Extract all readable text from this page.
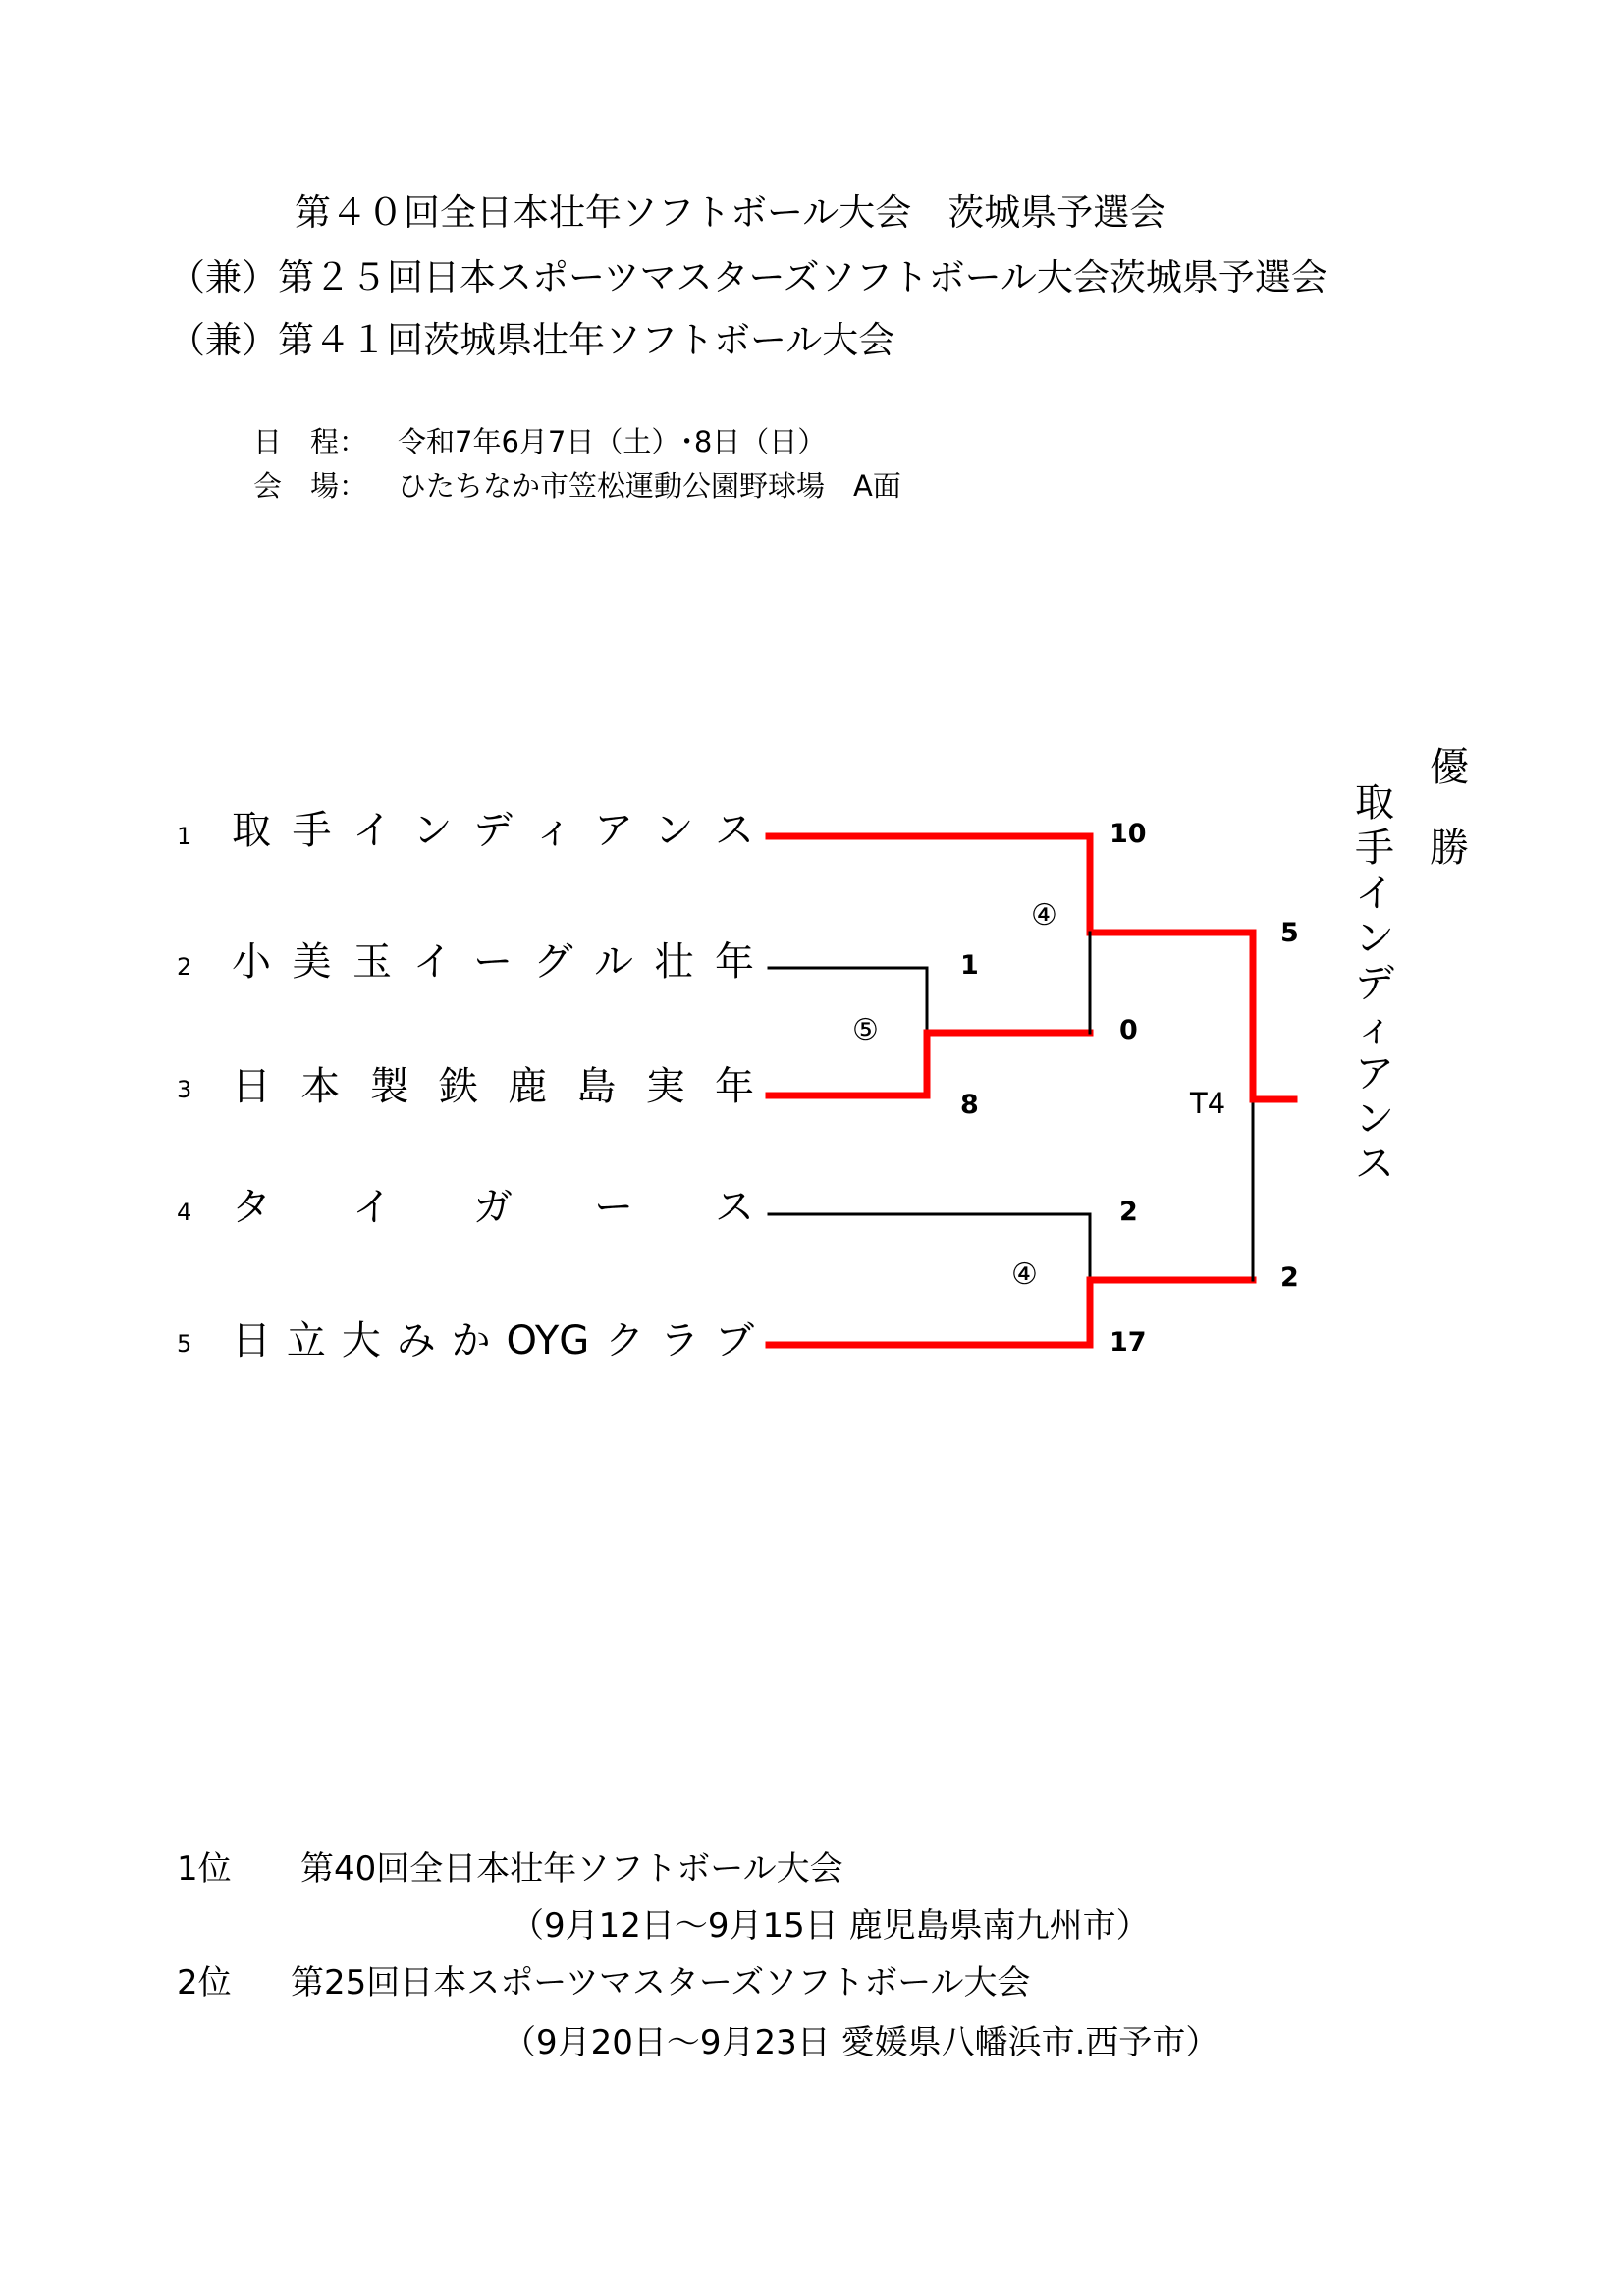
第４０回全日本壮年ソフトボール大会　茨城県予選会
（兼）第２５回日本スポーツマスターズソフトボール大会茨城県予選会
（兼）第４１回茨城県壮年ソフトボール大会
日　程： 令和7年6月7日（土）･8日（日）
会　場： ひたちなか市笠松運動公園野球場　A面
1
2
3
4
5
取 手 イ ン デ ィ ア ン ス
小 美 玉 イ ー グ ル 壮 年
日 本 製 鉄 鹿 島 実 年
タ イ ガ ー ス
日 立 大 み か OYG ク ラ ブ
1
8
⑤
10
0
④
2
17
④
5
2
T4
優
勝
取
手
イ
ン
デ
ィ
ア
ン
ス
1位 第40回全日本壮年ソフトボール大会
（9月12日～9月15日 鹿児島県南九州市）
2位 第25回日本スポーツマスターズソフトボール大会
（9月20日～9月23日 愛媛県八幡浜市.西予市）
